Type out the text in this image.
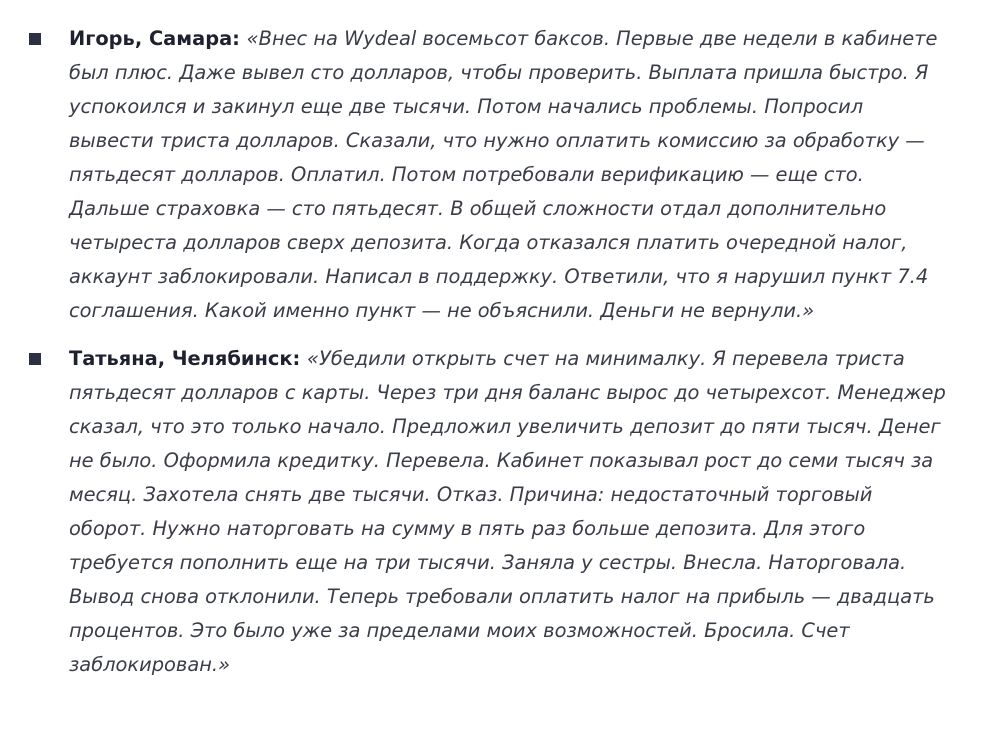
Игорь, Самара: «Внес на Wydeal восемьсот баксов. Первые две недели в кабинете был плюс. Даже вывел сто долларов, чтобы проверить. Выплата пришла быстро. Я успокоился и закинул еще две тысячи. Потом начались проблемы. Попросил вывести триста долларов. Сказали, что нужно оплатить комиссию за обработку — пятьдесят долларов. Оплатил. Потом потребовали верификацию — еще сто. Дальше страховка — сто пятьдесят. В общей сложности отдал дополнительно четыреста долларов сверх депозита. Когда отказался платить очередной налог, аккаунт заблокировали. Написал в поддержку. Ответили, что я нарушил пункт 7.4 соглашения. Какой именно пункт — не объяснили. Деньги не вернули.»
Татьяна, Челябинск: «Убедили открыть счет на минималку. Я перевела триста пятьдесят долларов с карты. Через три дня баланс вырос до четырехсот. Менеджер сказал, что это только начало. Предложил увеличить депозит до пяти тысяч. Денег не было. Оформила кредитку. Перевела. Кабинет показывал рост до семи тысяч за месяц. Захотела снять две тысячи. Отказ. Причина: недостаточный торговый оборот. Нужно наторговать на сумму в пять раз больше депозита. Для этого требуется пополнить еще на три тысячи. Заняла у сестры. Внесла. Наторговала. Вывод снова отклонили. Теперь требовали оплатить налог на прибыль — двадцать процентов. Это было уже за пределами моих возможностей. Бросила. Счет заблокирован.»
